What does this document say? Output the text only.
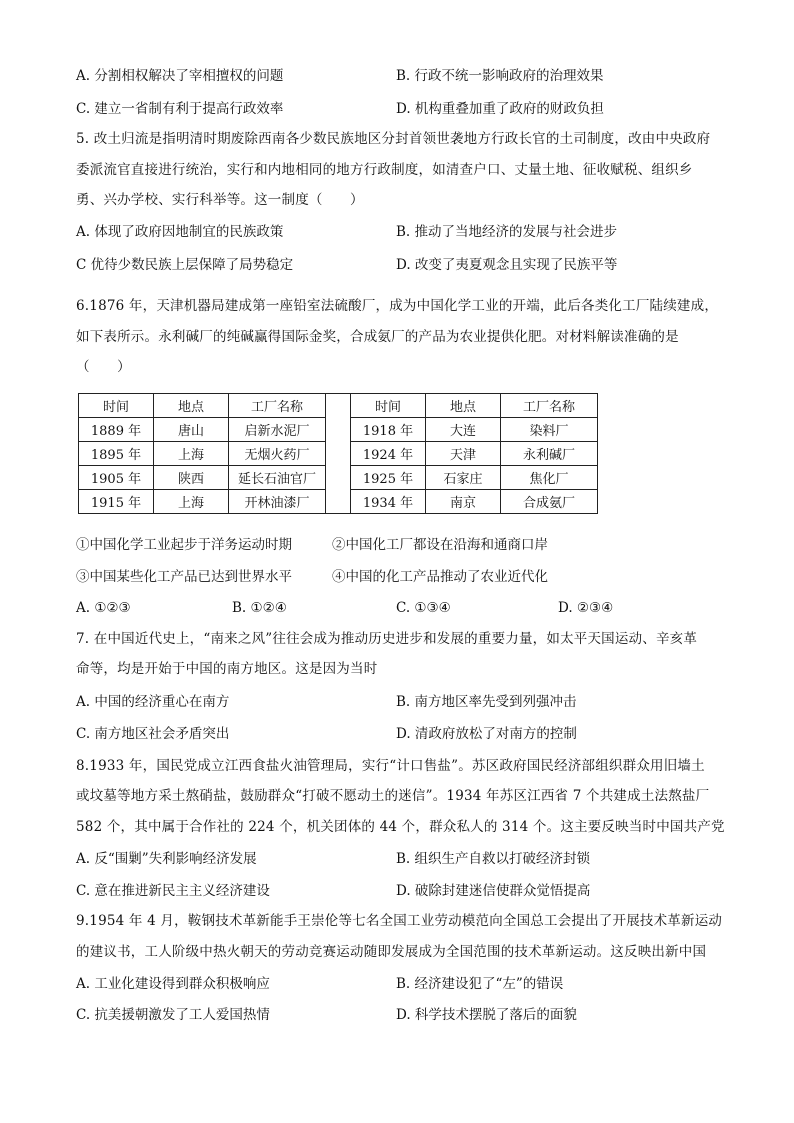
A. 分割相权解决了宰相擅权的问题	B. 行政不统一影响政府的治理效果
C. 建立一省制有利于提高行政效率	D. 机构重叠加重了政府的财政负担
5. 改土归流是指明清时期废除西南各少数民族地区分封首领世袭地方行政长官的土司制度，改由中央政府
委派流官直接进行统治，实行和内地相同的地方行政制度，如清查户口、丈量土地、征收赋税、组织乡
勇、兴办学校、实行科举等。这一制度（　　）
A. 体现了政府因地制宜的民族政策	B. 推动了当地经济的发展与社会进步
C 优待少数民族上层保障了局势稳定	D. 改变了夷夏观念且实现了民族平等
6.1876 年，天津机器局建成第一座铅室法硫酸厂，成为中国化学工业的开端，此后各类化工厂陆续建成，
如下表所示。永利碱厂的纯碱赢得国际金奖，合成氨厂的产品为农业提供化肥。对材料解读准确的是
（　　）
时间	地点	工厂名称		时间	地点	工厂名称
1889 年	唐山	启新水泥厂		1918 年	大连	染料厂
1895 年	上海	无烟火药厂		1924 年	天津	永利碱厂
1905 年	陕西	延长石油官厂		1925 年	石家庄	焦化厂
1915 年	上海	开林油漆厂		1934 年	南京	合成氨厂
①中国化学工业起步于洋务运动时期	②中国化工厂都设在沿海和通商口岸
③中国某些化工产品已达到世界水平	④中国的化工产品推动了农业近代化
A. ①②③	B. ①②④	C. ①③④	D. ②③④
7. 在中国近代史上，“南来之风”往往会成为推动历史进步和发展的重要力量，如太平天国运动、辛亥革
命等，均是开始于中国的南方地区。这是因为当时
A. 中国的经济重心在南方	B. 南方地区率先受到列强冲击
C. 南方地区社会矛盾突出	D. 清政府放松了对南方的控制
8.1933 年，国民党成立江西食盐火油管理局，实行“计口售盐”。苏区政府国民经济部组织群众用旧墙土
或坟墓等地方采土熬硝盐，鼓励群众“打破不愿动土的迷信”。1934 年苏区江西省 7 个共建成土法熬盐厂
582 个，其中属于合作社的 224 个，机关团体的 44 个，群众私人的 314 个。这主要反映当时中国共产党
A. 反“围剿”失利影响经济发展	B. 组织生产自救以打破经济封锁
C. 意在推进新民主主义经济建设	D. 破除封建迷信使群众觉悟提高
9.1954 年 4 月，鞍钢技术革新能手王崇伦等七名全国工业劳动模范向全国总工会提出了开展技术革新运动
的建议书，工人阶级中热火朝天的劳动竞赛运动随即发展成为全国范围的技术革新运动。这反映出新中国
A. 工业化建设得到群众积极响应	B. 经济建设犯了“左”的错误
C. 抗美援朝激发了工人爱国热情	D. 科学技术摆脱了落后的面貌
